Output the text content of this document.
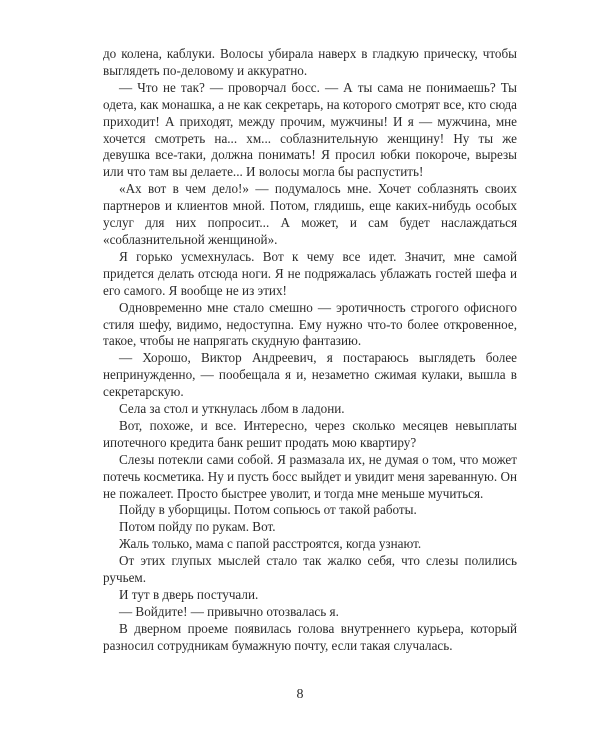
до колена, каблуки. Волосы убирала наверх в гладкую прическу, чтобы выглядеть по-деловому и аккуратно.

— Что не так? — проворчал босс. — А ты сама не понимаешь? Ты одета, как монашка, а не как секретарь, на которого смотрят все, кто сюда приходит! А приходят, между прочим, мужчины! И я — мужчина, мне хочется смотреть на... хм... соблазнительную женщину! Ну ты же девушка все-таки, должна понимать! Я просил юбки покороче, вырезы или что там вы делаете... И волосы могла бы распустить!

«Ах вот в чем дело!» — подумалось мне. Хочет соблазнять своих партнеров и клиентов мной. Потом, глядишь, еще каких-нибудь особых услуг для них попросит... А может, и сам будет наслаждаться «соблазнительной женщиной».

Я горько усмехнулась. Вот к чему все идет. Значит, мне самой придется делать отсюда ноги. Я не подряжалась ублажать гостей шефа и его самого. Я вообще не из этих!

Одновременно мне стало смешно — эротичность строгого офисного стиля шефу, видимо, недоступна. Ему нужно что-то более откровенное, такое, чтобы не напрягать скудную фантазию.

— Хорошо, Виктор Андреевич, я постараюсь выглядеть более непринужденно, — пообещала я и, незаметно сжимая кулаки, вышла в секретарскую.

Села за стол и уткнулась лбом в ладони.

Вот, похоже, и все. Интересно, через сколько месяцев невыплаты ипотечного кредита банк решит продать мою квартиру?

Слезы потекли сами собой. Я размазала их, не думая о том, что может потечь косметика. Ну и пусть босс выйдет и увидит меня зареванную. Он не пожалеет. Просто быстрее уволит, и тогда мне меньше мучиться.

Пойду в уборщицы. Потом сопьюсь от такой работы.

Потом пойду по рукам. Вот.

Жаль только, мама с папой расстроятся, когда узнают.

От этих глупых мыслей стало так жалко себя, что слезы полились ручьем.

И тут в дверь постучали.

— Войдите! — привычно отозвалась я.

В дверном проеме появилась голова внутреннего курьера, который разносил сотрудникам бумажную почту, если такая случалась.

8
